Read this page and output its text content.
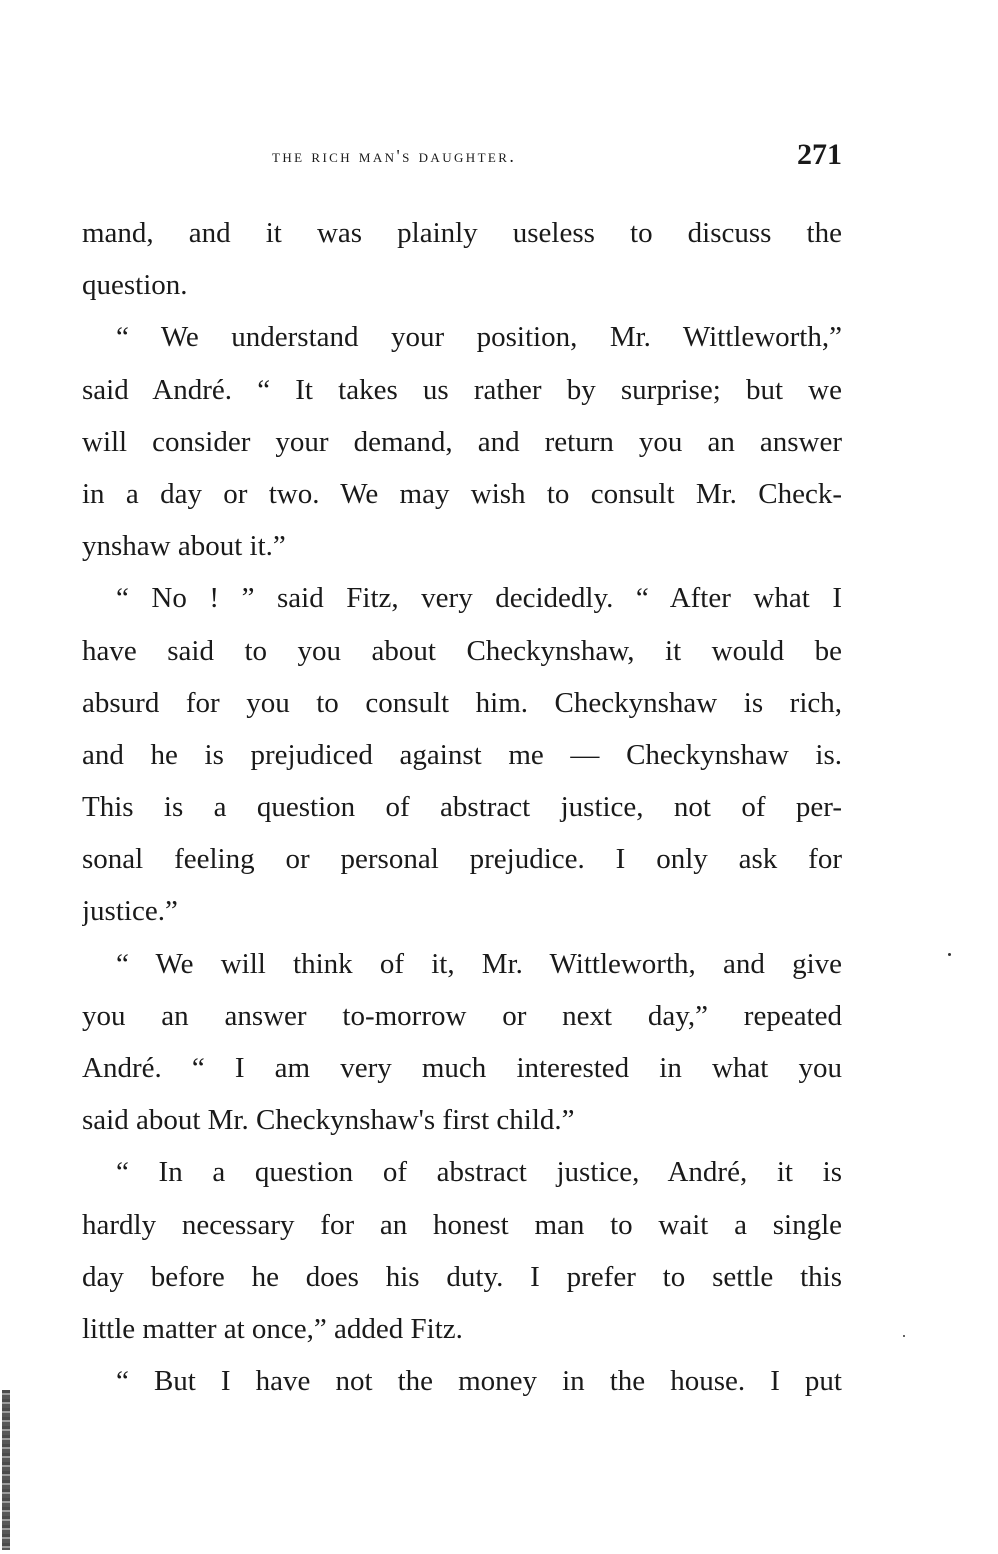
the rich man's daughter.	271
mand, and it was plainly useless to discuss the
question.
“ We understand your position, Mr. Wittleworth,”
said André. “ It takes us rather by surprise; but we
will consider your demand, and return you an answer
in a day or two. We may wish to consult Mr. Check-
ynshaw about it.”
“ No ! ” said Fitz, very decidedly. “ After what I
have said to you about Checkynshaw, it would be
absurd for you to consult him. Checkynshaw is rich,
and he is prejudiced against me — Checkynshaw is.
This is a question of abstract justice, not of per-
sonal feeling or personal prejudice. I only ask for
justice.”
“ We will think of it, Mr. Wittleworth, and give
you an answer to-morrow or next day,” repeated
André. “ I am very much interested in what you
said about Mr. Checkynshaw's first child.”
“ In a question of abstract justice, André, it is
hardly necessary for an honest man to wait a single
day before he does his duty. I prefer to settle this
little matter at once,” added Fitz.
“ But I have not the money in the house. I put
